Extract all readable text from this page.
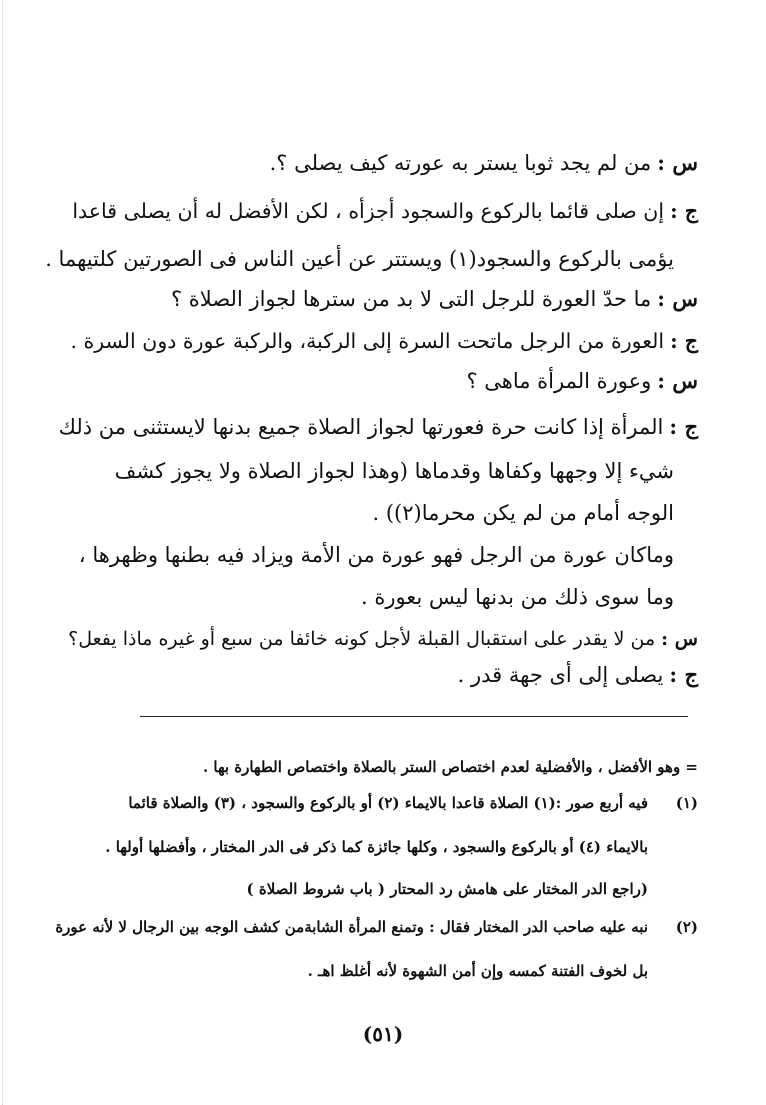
س :من لم يجد ثوبا يستر به عورته كيف يصلى ؟.
ج :إن صلى قائما بالركوع والسجود أجزأه ، لكن الأفضل له أن يصلى قاعدا
يؤمى بالركوع والسجود(١) ويستتر عن أعين الناس فى الصورتين كلتيهما .
س :ما حدّ العورة للرجل التى لا بد من سترها لجواز الصلاة ؟
ج :العورة من الرجل ماتحت السرة إلى الركبة، والركبة عورة دون السرة .
س :وعورة المرأة ماهى ؟
ج :المرأة إذا كانت حرة فعورتها لجواز الصلاة جميع بدنها لايستثنى من ذلك
شيء إلا وجهها وكفاها وقدماها (وهذا لجواز الصلاة ولا يجوز كشف
الوجه أمام من لم يكن محرما(٢)) .
وماكان عورة من الرجل فهو عورة من الأمة ويزاد فيه بطنها وظهرها ،
وما سوى ذلك من بدنها ليس بعورة .
س :من لا يقدر على استقبال القبلة لأجل كونه خائفا من سبع أو غيره ماذا يفعل؟
ج :يصلى إلى أى جهة قدر .
= وهو الأفضل ، والأفضلية لعدم اختصاص الستر بالصلاة واختصاص الطهارة بها .
(١)
فيه أربع صور :(١) الصلاة قاعدا بالايماء (٢) أو بالركوع والسجود ، (٣) والصلاة قائما
بالايماء (٤) أو بالركوع والسجود ، وكلها جائزة كما ذكر فى الدر المختار ، وأفضلها أولها .
(راجع الدر المختار على هامش رد المحتار ( باب شروط الصلاة )
(٢)
نبه عليه صاحب الدر المختار فقال : وتمنع المرأة الشابةمن كشف الوجه بين الرجال لا لأنه عورة
بل لخوف الفتنة كمسه وإن أمن الشهوة لأنه أغلظ اهـ .
(٥١)
